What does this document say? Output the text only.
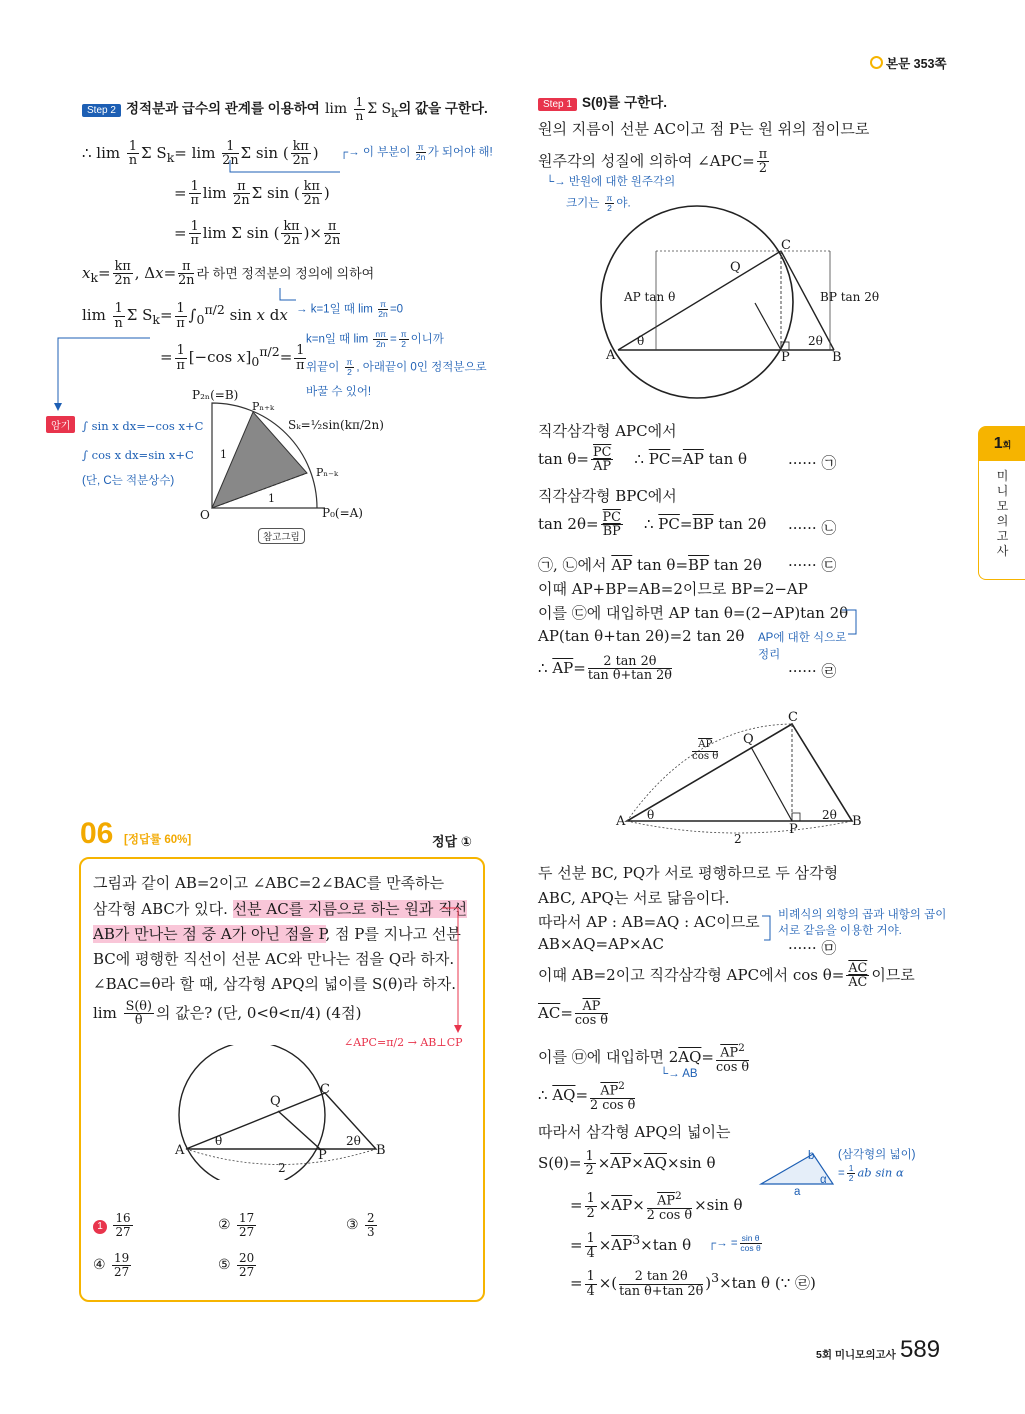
본문 353쪽
Step 2 정적분과 급수의 관계를 이용하여 $\lim \frac{1}{n}$ Σ $S_k$의 값을 구한다.
∴ $\lim \frac{1}{n}$ Σ $S_k= \lim \frac{1}{2n}$ Σ sin ( $\frac{k\pi}{2n}$ ) ┌→ 이 부분이 $\frac{\pi}{2n}$ 가 되어야 해!
= $\frac{1}{\pi}$ $\lim \frac{\pi}{2n}$ Σ sin ( $\frac{k\pi}{2n}$ )
= $\frac{1}{\pi}$ lim Σ sin ( $\frac{k\pi}{2n}$ )× $\frac{\pi}{2n}$
$x_k= \frac{k\pi}{2n}$ , $\Delta x= \frac{\pi}{2n}$ 라 하면 정적분의 정의에 의하여
$\lim \frac{1}{n}$ Σ $S_k= \frac{1}{\pi} \int_0^{\pi/2}$ sin x dx → k=1일 때 $\lim \frac{\pi}{2n} =0$
k=n일 때 $\lim \frac{n\pi}{2n} = \frac{\pi}{2}$ 이니까
= $\frac{1}{\pi} [-\cos$ $x]_0^{\pi/2}= \frac{1}{\pi}$ 위끝이 $\frac{\pi}{2}$ , 아래끝이 0인 정적분으로
바꿀 수 있어!
암기	∫ sin x dx=−cos x+C
∫ cos x dx=sin x+C
(단, C는 적분상수)
P₂ₙ(=B)
Pₙ₊ₖ
Sₖ=½sin(kπ/2n)
1
Pₙ₋ₖ
1
O	P₀(=A)
참고그림
06 [정답률 60%]	정답 ①
그림과 같이 AB=2이고 ∠ABC=2∠BAC를 만족하는
삼각형 ABC가 있다. 선분 AC를 지름으로 하는 원과 직선
AB가 만나는 점 중 A가 아닌 점을 P, 점 P를 지나고 선분
BC에 평행한 직선이 선분 AC와 만나는 점을 Q라 하자.
∠BAC=θ라 할 때, 삼각형 APQ의 넓이를 S(θ)라 하자.
$\lim \frac{S(\theta)}{\theta}$ 의 값은? (단, 0<θ<π/4) (4점)
∠APC=π/2 → AB⊥CP
C
Q
θ	2θ
A	P	B
2
$1 \frac{16}{27}$	② $\frac{17}{27}$	③ $\frac{2}{3}$
④ $\frac{19}{27}$	⑤ $\frac{20}{27}$
Step 1 S(θ)를 구한다.
원의 지름이 선분 AC이고 점 P는 원 위의 점이므로
원주각의 성질에 의하여 ∠APC= $\frac{\pi}{2}$
└→ 반원에 대한 원주각의
크기는 $\frac{\pi}{2}$ 야.
C
Q
AP tan θ	BP tan 2θ
θ	2θ
A	P	B
직각삼각형 APC에서
$\tan \theta= \frac{\overline{PC}}{AP}$ ∴ $\overline{PC}=\overline{AP}$ tan θ	······ ㉠
직각삼각형 BPC에서
$\tan 2\theta= \frac{\overline{PC}}{BP}$ ∴ $\overline{PC}=\overline{BP}$ tan 2θ ······ ㉡
㉠, ㉡에서 $\overline{AP}$ $\tan \theta=\overline{BP}$ tan 2θ ······ ㉢
이때 AP+BP=AB=2이므로 BP=2−AP
이를 ㉢에 대입하면 AP tan θ=(2−AP)tan 2θ
AP(tan θ+tan 2θ)=2 tan 2θ AP에 대한 식으로
정리
∴ $\overline{AP}= \frac{2 \tan 2\theta}{\text{tan θ+tan 2θ}}$	······ ㉣
C
$\frac{\overline{AP}}{\text{cos θ}}$
Q
θ	2θ
A
P
B
2
두 선분 BC, PQ가 서로 평행하므로 두 삼각형
ABC, APQ는 서로 닮음이다.
따라서 AP : AB=AQ : AC이므로 비례식의 외항의 곱과 내항의 곱이
서로 같음을 이용한 거야.
AB×AQ=AP×AC	······ ㉤
이때 AB=2이고 직각삼각형 APC에서 $\cos \theta= \frac{\overline{AC}}{AC}$ 이므로
$\overline{AC}= \frac{\overline{AP}}{\text{cos θ}}$
이를 ㉤에 대입하면 $2\overline{AQ}= \frac{\overline{AP}^2}{\text{cos θ}}$
└→ AB
∴ $\overline{AQ}= \frac{\overline{AP}^2}{\text{2 cos θ}}$
따라서 삼각형 APQ의 넓이는
$S(\theta)= \frac{1}{2} \times\overline{AP}\times\overline{AQ}\times\sin$ θ	(삼각형의 넓이)
b
α
a
= $\frac{1}{2}$ ab sin α
= $\frac{1}{2} \times\overline{AP}\times \frac{\overline{AP}^2}{\text{2 cos θ}} \times\sin$ θ
= $\frac{1}{4} \times\overline{AP}^3\times\tan$ θ ┌→ = $\frac{\text{sin θ}}{\text{cos θ}}$
= $\frac{1}{4}$ ×( $\frac{2 \tan 2\theta}{\text{tan θ+tan 2θ}} )^3\times\tan$ θ (∵ ㉣)
1회
미
니
모
의
고
사
5회 미니모의고사 589
